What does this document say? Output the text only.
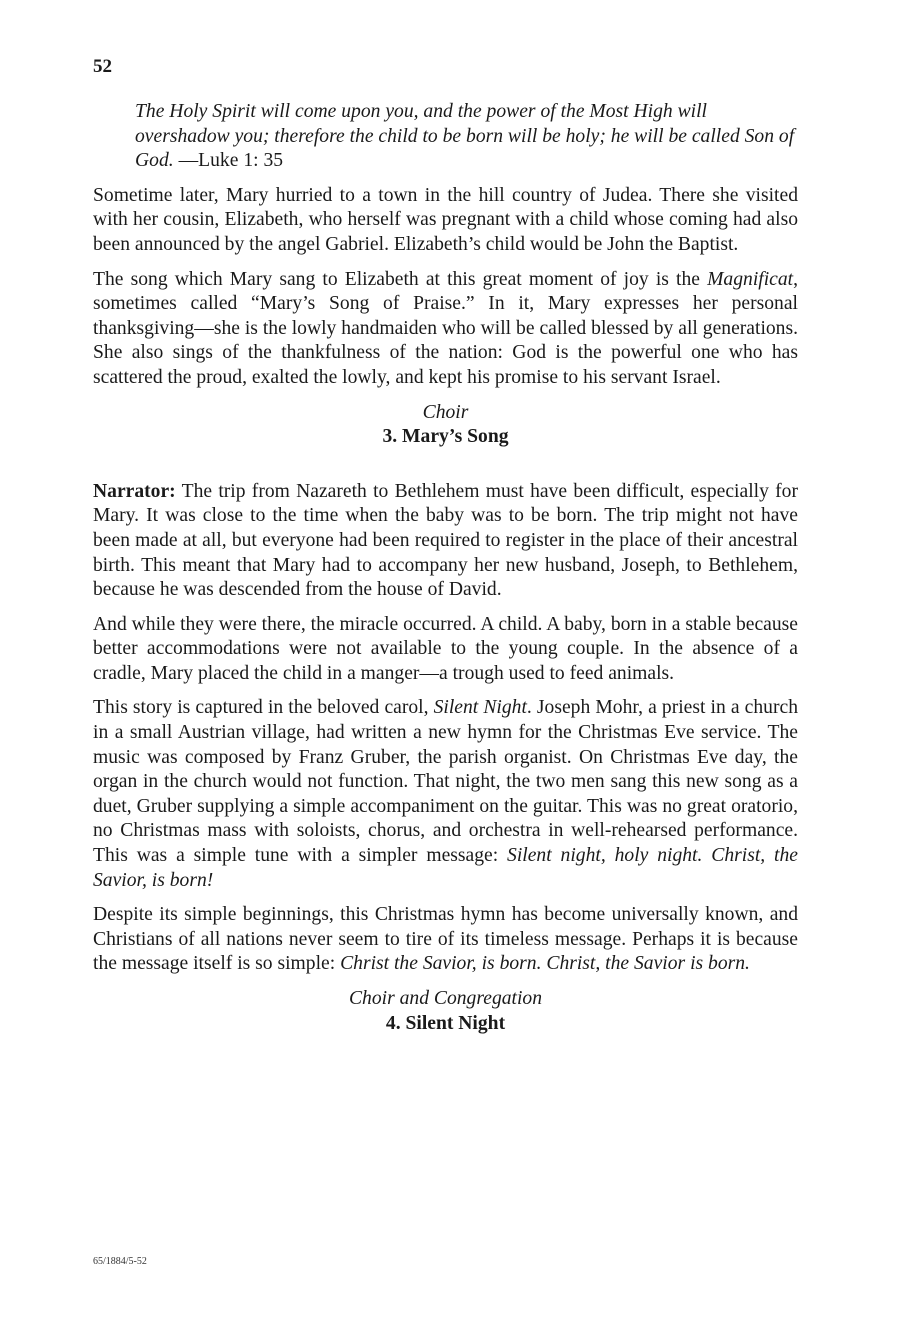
52
The Holy Spirit will come upon you, and the power of the Most High will overshadow you; therefore the child to be born will be holy; he will be called Son of God. —Luke 1: 35

Sometime later, Mary hurried to a town in the hill country of Judea. There she visited with her cousin, Elizabeth, who herself was pregnant with a child whose coming had also been announced by the angel Gabriel. Elizabeth’s child would be John the Baptist.

The song which Mary sang to Elizabeth at this great moment of joy is the Magnificat, sometimes called “Mary’s Song of Praise.” In it, Mary expresses her personal thanksgiving—she is the lowly handmaiden who will be called blessed by all generations. She also sings of the thankfulness of the nation: God is the powerful one who has scattered the proud, exalted the lowly, and kept his promise to his servant Israel.

Choir
3. Mary’s Song

Narrator: The trip from Nazareth to Bethlehem must have been difficult, especially for Mary. It was close to the time when the baby was to be born. The trip might not have been made at all, but everyone had been required to register in the place of their ancestral birth. This meant that Mary had to accompany her new husband, Joseph, to Bethlehem, because he was descended from the house of David.

And while they were there, the miracle occurred. A child. A baby, born in a stable because better accommodations were not available to the young couple. In the absence of a cradle, Mary placed the child in a manger—a trough used to feed animals.

This story is captured in the beloved carol, Silent Night. Joseph Mohr, a priest in a church in a small Austrian village, had written a new hymn for the Christmas Eve service. The music was composed by Franz Gruber, the parish organist. On Christmas Eve day, the organ in the church would not function. That night, the two men sang this new song as a duet, Gruber supplying a simple accompaniment on the guitar. This was no great oratorio, no Christmas mass with soloists, chorus, and orchestra in well-rehearsed performance. This was a simple tune with a simpler message: Silent night, holy night. Christ, the Savior, is born!

Despite its simple beginnings, this Christmas hymn has become universally known, and Christians of all nations never seem to tire of its timeless message. Perhaps it is because the message itself is so simple: Christ the Savior, is born. Christ, the Savior is born.

Choir and Congregation
4. Silent Night
65/1884/5-52
